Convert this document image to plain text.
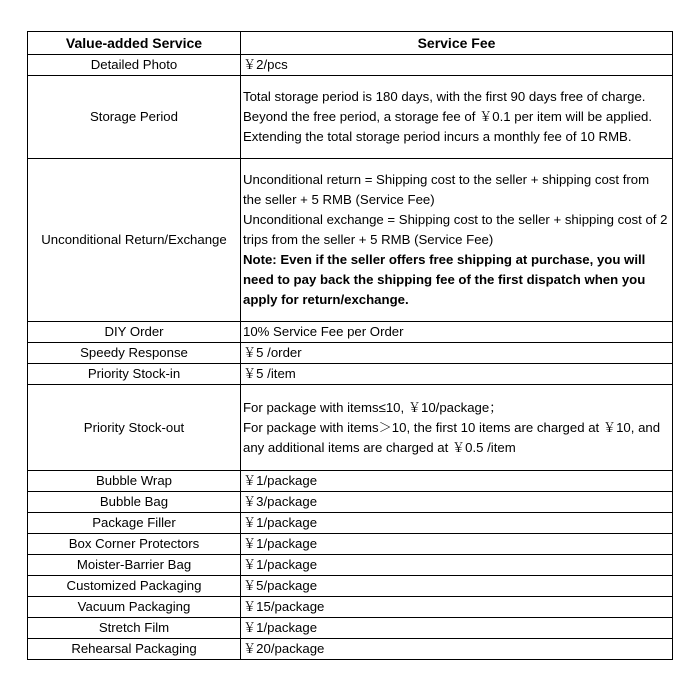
Value-added Service	Service Fee
Detailed Photo	￥2/pcs
Storage Period	Total storage period is 180 days, with the first 90 days free of charge. Beyond the free period, a storage fee of ￥0.1 per item will be applied. Extending the total storage period incurs a monthly fee of 10 RMB.
Unconditional Return/Exchange	Unconditional return = Shipping cost to the seller + shipping cost from the seller + 5 RMB (Service Fee)
Unconditional exchange = Shipping cost to the seller + shipping cost of 2 trips from the seller + 5 RMB (Service Fee)
Note: Even if the seller offers free shipping at purchase, you will need to pay back the shipping fee of the first dispatch when you apply for return/exchange.

DIY Order	10% Service Fee per Order
Speedy Response	￥5 /order
Priority Stock-in	￥5 /item
Priority Stock-out	For package with items≤10, ￥10/package；
For package with items＞10, the first 10 items are charged at ￥10, and any additional items are charged at ￥0.5 /item

Bubble Wrap	￥1/package
Bubble Bag	￥3/package
Package Filler	￥1/package
Box Corner Protectors	￥1/package
Moister-Barrier Bag	￥1/package
Customized Packaging	￥5/package
Vacuum Packaging	￥15/package
Stretch Film	￥1/package
Rehearsal Packaging	￥20/package
